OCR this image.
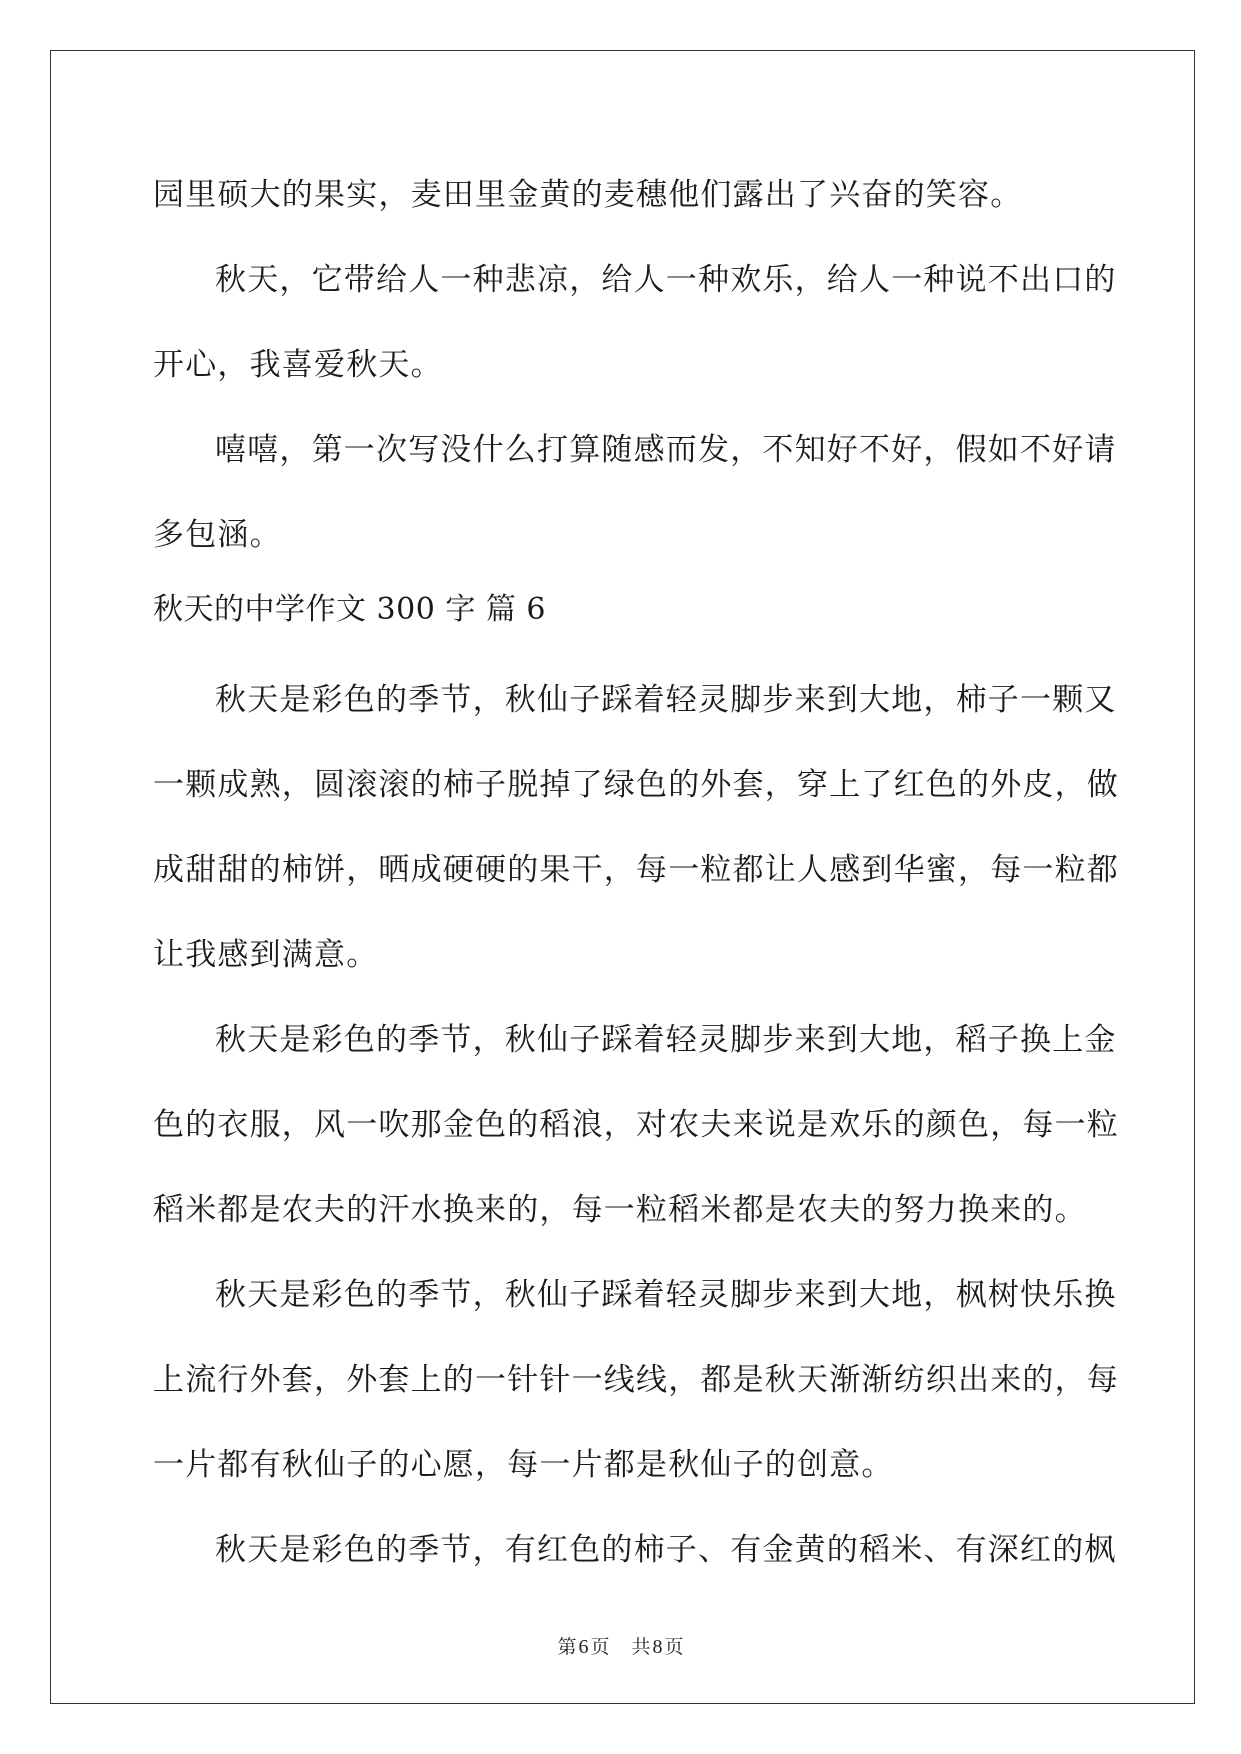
园里硕大的果实，麦田里金黄的麦穗他们露出了兴奋的笑容。
秋天，它带给人一种悲凉，给人一种欢乐，给人一种说不出口的
开心，我喜爱秋天。
嘻嘻，第一次写没什么打算随感而发，不知好不好，假如不好请
多包涵。
秋天的中学作文 300 字 篇 6
秋天是彩色的季节，秋仙子踩着轻灵脚步来到大地，柿子一颗又
一颗成熟，圆滚滚的柿子脱掉了绿色的外套，穿上了红色的外皮，做
成甜甜的柿饼，晒成硬硬的果干，每一粒都让人感到华蜜，每一粒都
让我感到满意。
秋天是彩色的季节，秋仙子踩着轻灵脚步来到大地，稻子换上金
色的衣服，风一吹那金色的稻浪，对农夫来说是欢乐的颜色，每一粒
稻米都是农夫的汗水换来的，每一粒稻米都是农夫的努力换来的。
秋天是彩色的季节，秋仙子踩着轻灵脚步来到大地，枫树快乐换
上流行外套，外套上的一针针一线线，都是秋天渐渐纺织出来的，每
一片都有秋仙子的心愿，每一片都是秋仙子的创意。
秋天是彩色的季节，有红色的柿子、有金黄的稻米、有深红的枫
第 6 页 共 8 页
